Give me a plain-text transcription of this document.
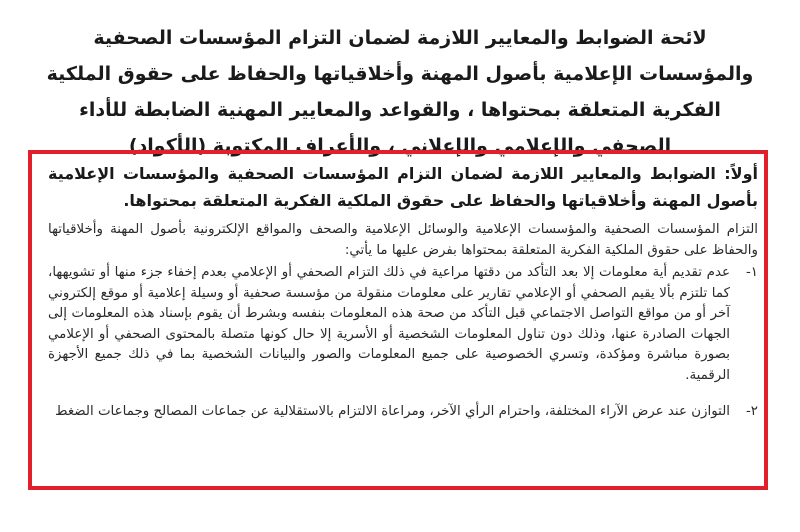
لائحة الضوابط والمعايير اللازمة لضمان التزام المؤسسات الصحفية والمؤسسات الإعلامية بأصول المهنة وأخلاقياتها والحفاظ على حقوق الملكية الفكرية المتعلقة بمحتواها ، والقواعد والمعايير المهنية الضابطة للأداء الصحفي والإعلامي والإعلاني ، والأعراف المكتوبة (الأكواد)

أولاً: الضوابط والمعايير اللازمة لضمان التزام المؤسسات الصحفية والمؤسسات الإعلامية بأصول المهنة وأخلاقياتها والحفاظ على حقوق الملكية الفكرية المتعلقة بمحتواها.

التزام المؤسسات الصحفية والمؤسسات الإعلامية والوسائل الإعلامية والصحف والمواقع الإلكترونية بأصول المهنة وأخلاقياتها والحفاظ على حقوق الملكية الفكرية المتعلقة بمحتواها بفرض عليها ما يأتي:

١-
عدم تقديم أية معلومات إلا بعد التأكد من دقتها مراعية في ذلك التزام الصحفي أو الإعلامي بعدم إخفاء جزء منها أو تشويهها، كما تلتزم بألا يقيم الصحفي أو الإعلامي تقارير على معلومات منقولة من مؤسسة صحفية أو وسيلة إعلامية أو موقع إلكتروني آخر أو من مواقع التواصل الاجتماعي قبل التأكد من صحة هذه المعلومات بنفسه وبشرط أن يقوم بإسناد هذه المعلومات إلى الجهات الصادرة عنها، وذلك دون تناول المعلومات الشخصية أو الأسرية إلا حال كونها متصلة بالمحتوى الصحفي أو الإعلامي بصورة مباشرة ومؤكدة، وتسري الخصوصية على جميع المعلومات والصور والبيانات الشخصية بما في ذلك جميع الأجهزة الرقمية.
٢-
التوازن عند عرض الآراء المختلفة، واحترام الرأي الآخر، ومراعاة الالتزام بالاستقلالية عن جماعات المصالح وجماعات الضغط
